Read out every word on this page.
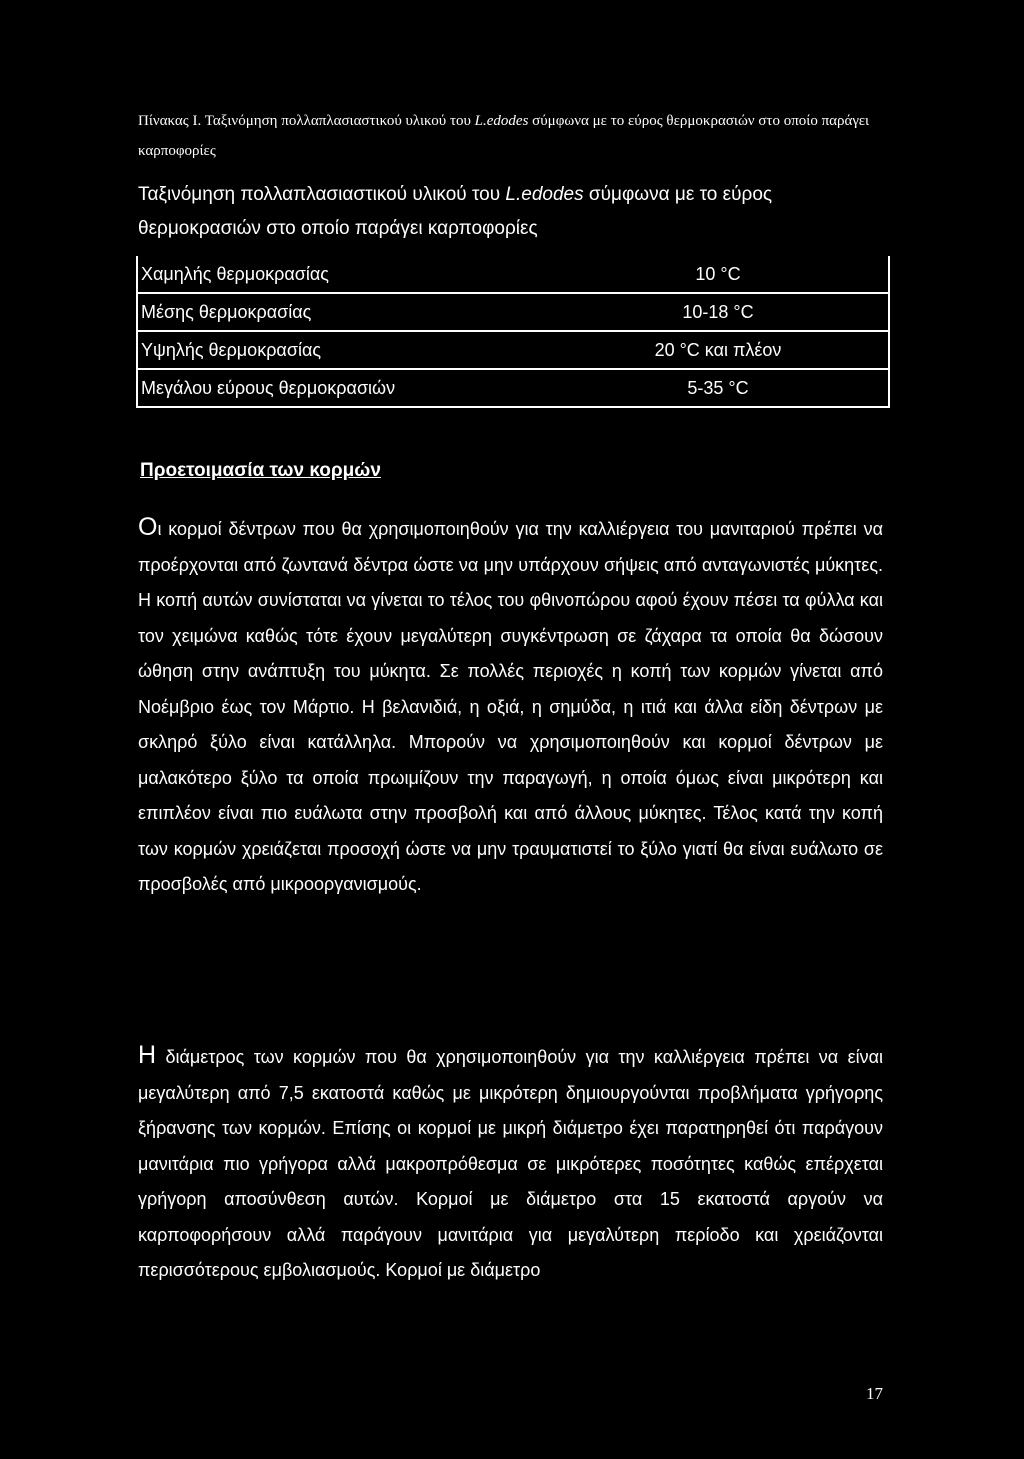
Πίνακας Ι. Ταξινόμηση πολλαπλασιαστικού υλικού του L.edodes σύμφωνα με το εύρος θερμοκρασιών στο οποίο παράγει καρποφορίες
Ταξινόμηση πολλαπλασιαστικού υλικού του L.edodes σύμφωνα με το εύρος θερμοκρασιών στο οποίο παράγει καρποφορίες
Χαμηλής θερμοκρασίας	10 °C
Μέσης θερμοκρασίας	10-18 °C
Υψηλής θερμοκρασίας	20 °C και πλέον
Μεγάλου εύρους θερμοκρασιών	5-35 °C
Προετοιμασία των κορμών

Οι κορμοί δέντρων που θα χρησιμοποιηθούν για την καλλιέργεια του μανιταριού πρέπει να προέρχονται από ζωντανά δέντρα ώστε να μην υπάρχουν σήψεις από ανταγωνιστές μύκητες. Η κοπή αυτών συνίσταται να γίνεται το τέλος του φθινοπώρου αφού έχουν πέσει τα φύλλα και τον χειμώνα καθώς τότε έχουν μεγαλύτερη συγκέντρωση σε ζάχαρα τα οποία θα δώσουν ώθηση στην ανάπτυξη του μύκητα. Σε πολλές περιοχές η κοπή των κορμών γίνεται από Νοέμβριο έως τον Μάρτιο. Η βελανιδιά, η οξιά, η σημύδα, η ιτιά και άλλα είδη δέντρων με σκληρό ξύλο είναι κατάλληλα. Μπορούν να χρησιμοποιηθούν και κορμοί δέντρων με μαλακότερο ξύλο τα οποία πρωιμίζουν την παραγωγή, η οποία όμως είναι μικρότερη και επιπλέον είναι πιο ευάλωτα στην προσβολή και από άλλους μύκητες. Τέλος κατά την κοπή των κορμών χρειάζεται προσοχή ώστε να μην τραυματιστεί το ξύλο γιατί θα είναι ευάλωτο σε προσβολές από μικροοργανισμούς.

Η διάμετρος των κορμών που θα χρησιμοποιηθούν για την καλλιέργεια πρέπει να είναι μεγαλύτερη από 7,5 εκατοστά καθώς με μικρότερη δημιουργούνται προβλήματα γρήγορης ξήρανσης των κορμών. Επίσης οι κορμοί με μικρή διάμετρο έχει παρατηρηθεί ότι παράγουν μανιτάρια πιο γρήγορα αλλά μακροπρόθεσμα σε μικρότερες ποσότητες καθώς επέρχεται γρήγορη αποσύνθεση αυτών. Κορμοί με διάμετρο στα 15 εκατοστά αργούν να καρποφορήσουν αλλά παράγουν μανιτάρια για μεγαλύτερη περίοδο και χρειάζονται περισσότερους εμβολιασμούς. Κορμοί με διάμετρο

17
